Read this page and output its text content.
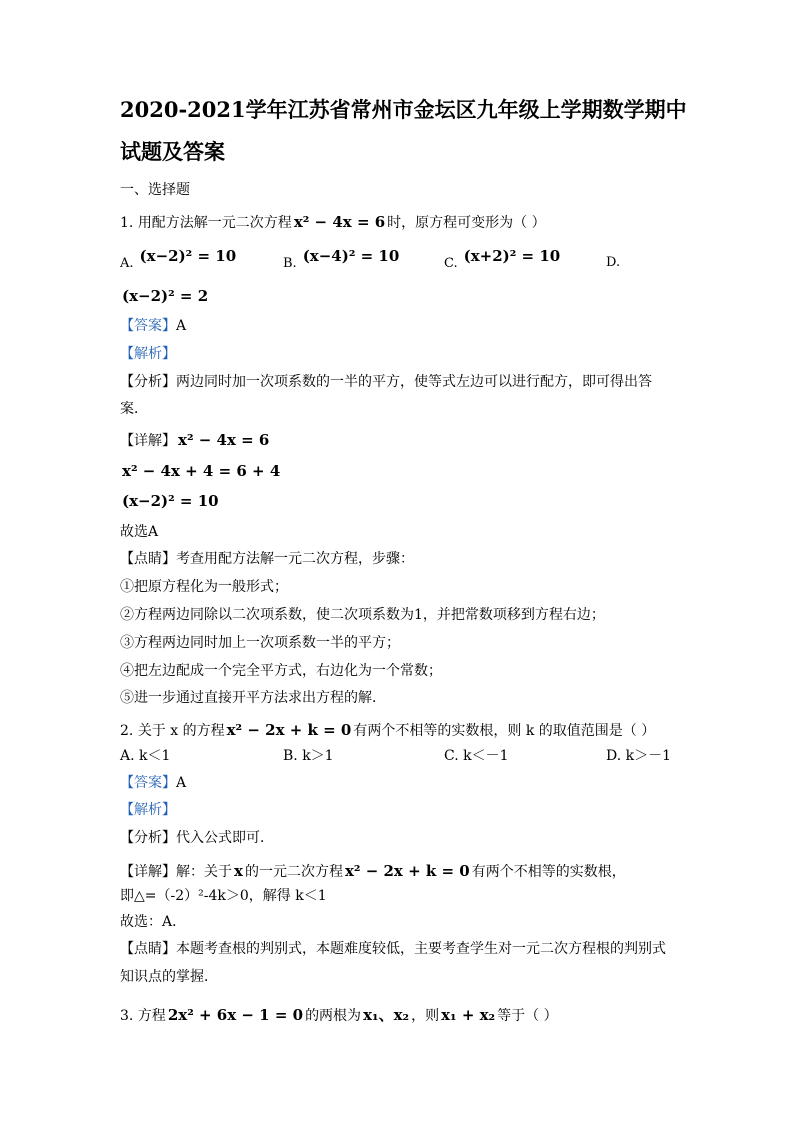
2020-2021学年江苏省常州市金坛区九年级上学期数学期中
试题及答案
一、选择题
1. 用配方法解一元二次方程 x² − 4x = 6 时，原方程可变形为（ ）
A. (x−2)² = 10	B. (x−4)² = 10	C. (x+2)² = 10	D.
(x−2)² = 2
【答案】A
【解析】
【分析】两边同时加一次项系数的一半的平方，使等式左边可以进行配方，即可得出答
案．
【详解】 x² − 4x = 6
x² − 4x + 4 = 6 + 4
(x−2)² = 10
故选A
【点睛】考查用配方法解一元二次方程，步骤：
①把原方程化为一般形式；
②方程两边同除以二次项系数，使二次项系数为1，并把常数项移到方程右边；
③方程两边同时加上一次项系数一半的平方；
④把左边配成一个完全平方式，右边化为一个常数；
⑤进一步通过直接开平方法求出方程的解．
2. 关于 x 的方程 x² − 2x + k = 0 有两个不相等的实数根，则 k 的取值范围是（ ）
A. k＜1	B. k＞1	C. k＜－1	D. k＞－1
【答案】A
【解析】
【分析】代入公式即可．
【详解】解：关于 x 的一元二次方程 x² − 2x + k = 0 有两个不相等的实数根，
即△=（-2）²-4k＞0，解得 k＜1
故选：A．
【点睛】本题考查根的判别式，本题难度较低，主要考查学生对一元二次方程根的判别式
知识点的掌握．
3. 方程 2x² + 6x − 1 = 0 的两根为 x₁、x₂ ，则 x₁ + x₂ 等于（ ）
